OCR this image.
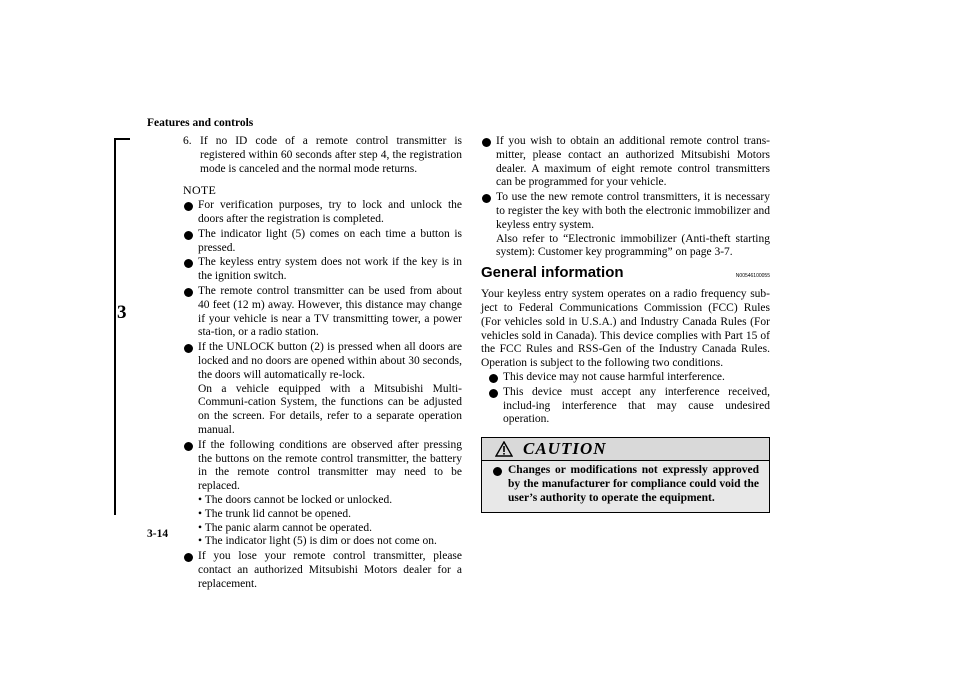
Features and controls
3
3-14

6. If no ID code of a remote control transmitter is registered within 60 seconds after step 4, the registration mode is canceled and the normal mode returns.

NOTE

For verification purposes, try to lock and unlock the doors after the registration is completed.

The indicator light (5) comes on each time a button is pressed.

The keyless entry system does not work if the key is in the ignition switch.

The remote control transmitter can be used from about 40 feet (12 m) away. However, this distance may change if your vehicle is near a TV transmitting tower, a power sta-tion, or a radio station.

If the UNLOCK button (2) is pressed when all doors are locked and no doors are opened within about 30 seconds, the doors will automatically re-lock.

On a vehicle equipped with a Mitsubishi Multi-Communi-cation System, the functions can be adjusted on the screen. For details, refer to a separate operation manual.

If the following conditions are observed after pressing the buttons on the remote control transmitter, the battery in the remote control transmitter may need to be replaced.

• The doors cannot be locked or unlocked.

• The trunk lid cannot be opened.

• The panic alarm cannot be operated.

• The indicator light (5) is dim or does not come on.

If you lose your remote control transmitter, please contact an authorized Mitsubishi Motors dealer for a replacement.

If you wish to obtain an additional remote control trans-mitter, please contact an authorized Mitsubishi Motors dealer. A maximum of eight remote control transmitters can be programmed for your vehicle.

To use the new remote control transmitters, it is necessary to register the key with both the electronic immobilizer and keyless entry system.

Also refer to “Electronic immobilizer (Anti-theft starting system): Customer key programming” on page 3-7.

General information	N00546100055

Your keyless entry system operates on a radio frequency sub-ject to Federal Communications Commission (FCC) Rules (For vehicles sold in U.S.A.) and Industry Canada Rules (For vehicles sold in Canada). This device complies with Part 15 of the FCC Rules and RSS-Gen of the Industry Canada Rules. Operation is subject to the following two conditions.

This device may not cause harmful interference.

This device must accept any interference received, includ-ing interference that may cause undesired operation.

CAUTION

Changes or modifications not expressly approved by the manufacturer for compliance could void the user’s authority to operate the equipment.
